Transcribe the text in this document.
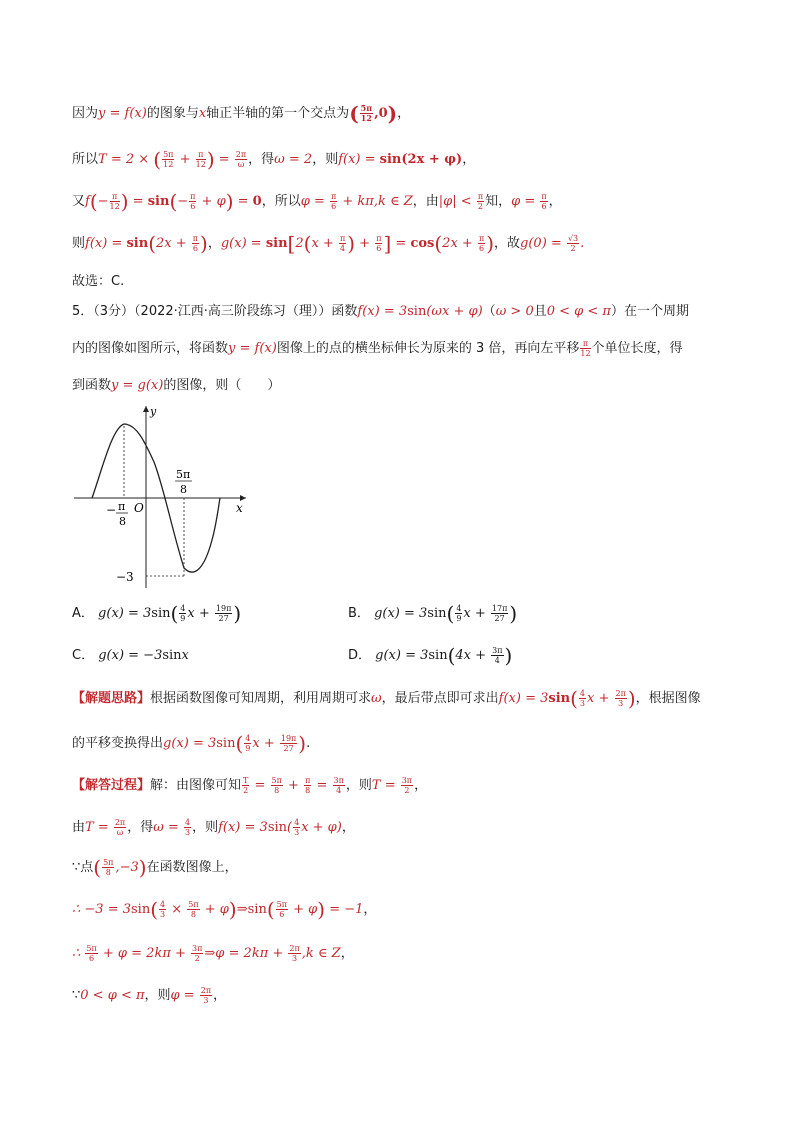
因为y = f(x)的图象与x轴正半轴的第一个交点为( $\frac{5\pi}{12} ,0$)，
所以T = 2 × ( $\frac{5\pi}{12} + \frac{\pi}{12}$ ) = $\frac{2\pi}{\omega}$ ，得ω = 2，则f(x) = sin(2x + φ)，
又$f(- \frac{\pi}{12}$ ) = $\sin(- \frac{\pi}{6} + \varphi) = 0$，所以$\varphi = \frac{\pi}{6} + k\pi,k$ ∈ Z，由$|\varphi| < \frac{\pi}{2}$ 知，$\varphi = \frac{\pi}{6}$ ，
则$f(x) = \sin(2x + \frac{\pi}{6}$ )，$g(x) = \sin[2(x + \frac{\pi}{4}$ ) + $\frac{\pi}{6}$ ] = $\cos(2x + \frac{\pi}{6}$ )，故$g(0) = \frac{√3}{2}$ .
故选：C.
5．（3分）（2022·江西·高三阶段练习（理））函数f(x) = 3sin(ωx + φ)（ω > 0且0 < φ < π）在一个周期
内的图像如图所示，将函数y = f(x)图像上的点的横坐标伸长为原来的 3 倍，再向左平移 $\frac{\pi}{12}$ 个单位长度，得
到函数y = g(x)的图像，则（　　）
y
x
O
−3
− π
8
5π
8
A． $g(x) = 3\sin( \frac{4}{9}$ $x + \frac{19\pi}{27}$ )	B． $g(x) = 3\sin( \frac{4}{9}$ $x + \frac{17\pi}{27}$ )
C． g(x) = −3sinx	D． $g(x) = 3\sin(4x + \frac{3\pi}{4}$ )
【解题思路】根据函数图像可知周期，利用周期可求ω，最后带点即可求出$f(x) = 3\sin( \frac{4}{3}$ $x + \frac{2\pi}{3}$ )，根据图像
的平移变换得出$g(x) = 3\sin( \frac{4}{9}$ $x + \frac{19\pi}{27}$ ).
【解答过程】解：由图像可知 $\frac{T}{2} = \frac{5\pi}{8} + \frac{\pi}{8} = \frac{3\pi}{4}$ ，则$T = \frac{3\pi}{2}$ ，
由$T = \frac{2\pi}{\omega}$ ，得$\omega = \frac{4}{3}$ ，则$f(x) = 3\sin( \frac{4}{3}$ x + φ)，
∵点( $\frac{5\pi}{8} ,-3$)在函数图像上，
∴ $-3 = 3\sin( \frac{4}{3} \times \frac{5\pi}{8}$ + φ)⇒sin( $\frac{5\pi}{6} + \varphi) = -1$，
∴ $\frac{5\pi}{6} + \varphi = 2k\pi + \frac{3\pi}{2}$ ⇒φ = $2k\pi + \frac{2\pi}{3} ,k$ ∈ Z，
∵0 < φ < π，则$\varphi = \frac{2\pi}{3}$ ，
